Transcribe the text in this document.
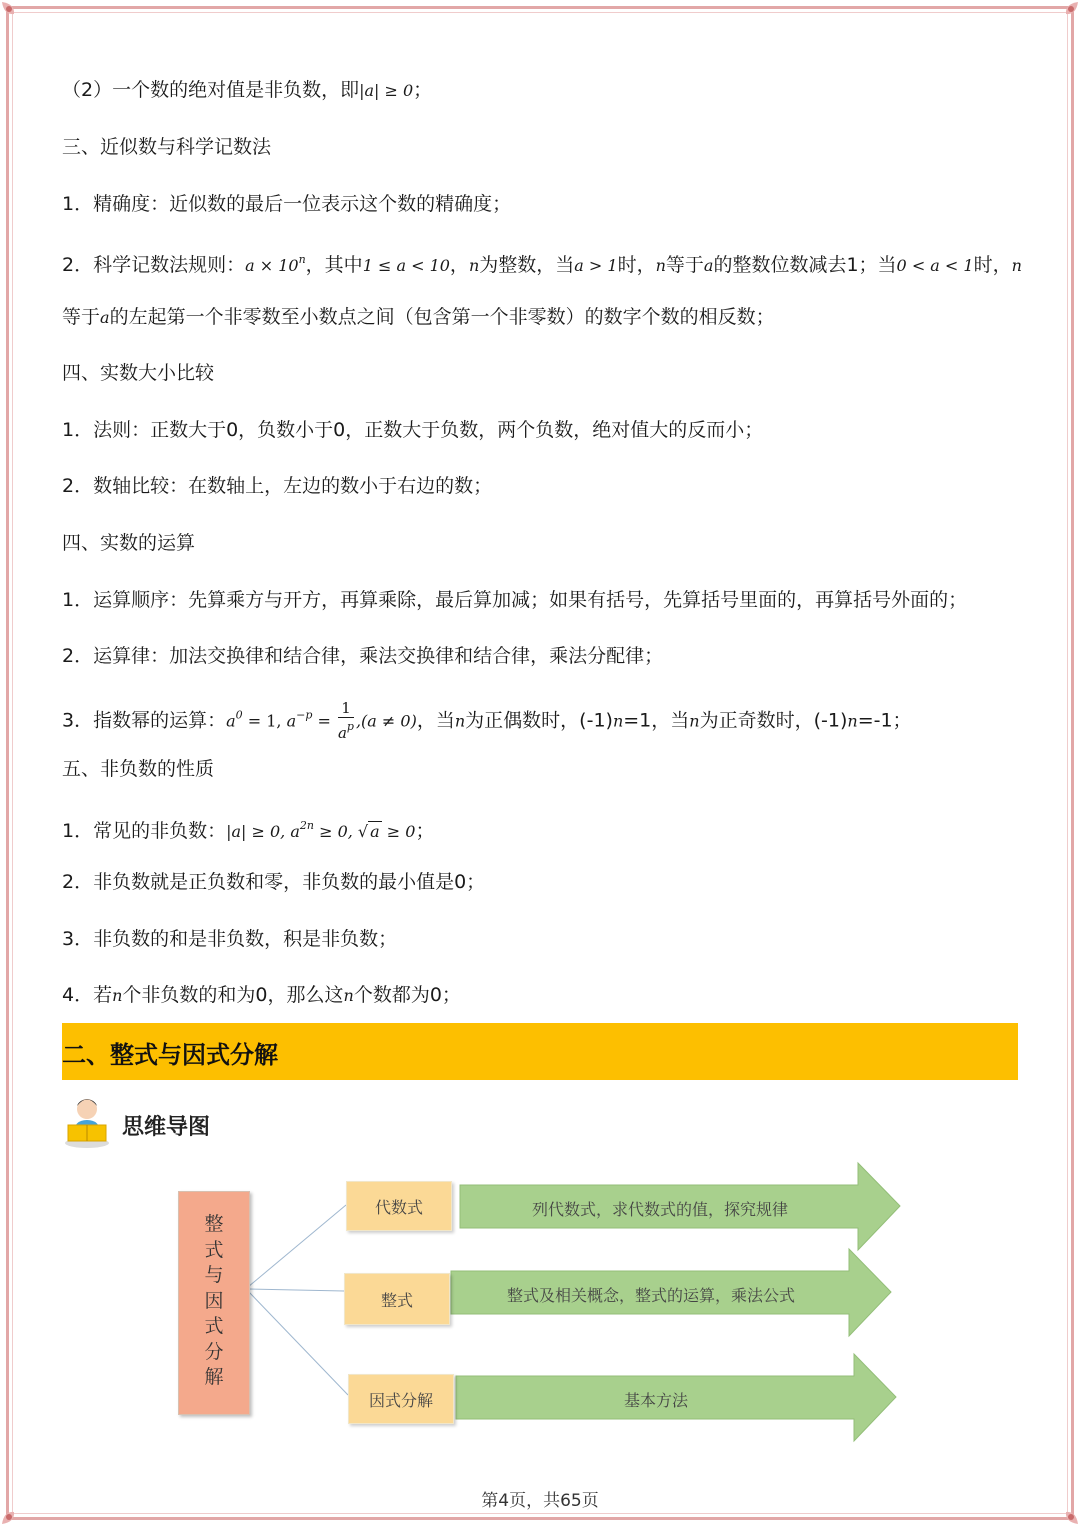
（2）一个数的绝对值是非负数，即|a| ≥ 0；
三、近似数与科学记数法
1．精确度：近似数的最后一位表示这个数的精确度；
2．科学记数法规则：$a \times 10^n$，其中1 ≤ a < 10，n为整数，当a > 1时，n等于a的整数位数减去1；当0 < a < 1时，n
等于a的左起第一个非零数至小数点之间（包含第一个非零数）的数字个数的相反数；
四、实数大小比较
1．法则：正数大于0，负数小于0，正数大于负数，两个负数，绝对值大的反而小；
2．数轴比较：在数轴上，左边的数小于右边的数；
四、实数的运算
1．运算顺序：先算乘方与开方，再算乘除，最后算加减；如果有括号，先算括号里面的，再算括号外面的；
2．运算律：加法交换律和结合律，乘法交换律和结合律，乘法分配律；
3．指数幂的运算：$a^0 = 1$, $a^{-p} = \frac{1}{a^p} ,(a \ne 0)$，当n为正偶数时，(-1)n=1，当n为正奇数时，(-1)n=-1；
五、非负数的性质
1．常见的非负数：|a| ≥ 0, $a^{2n} \ge 0$, √ a ≥ 0；
2．非负数就是正负数和零，非负数的最小值是0；
3．非负数的和是非负数，积是非负数；
4．若n个非负数的和为0，那么这n个数都为0；
二、整式与因式分解
思维导图
整式与因式分解
代数式
整式
因式分解
列代数式，求代数式的值，探究规律
整式及相关概念，整式的运算，乘法公式
基本方法
第4页，共65页
